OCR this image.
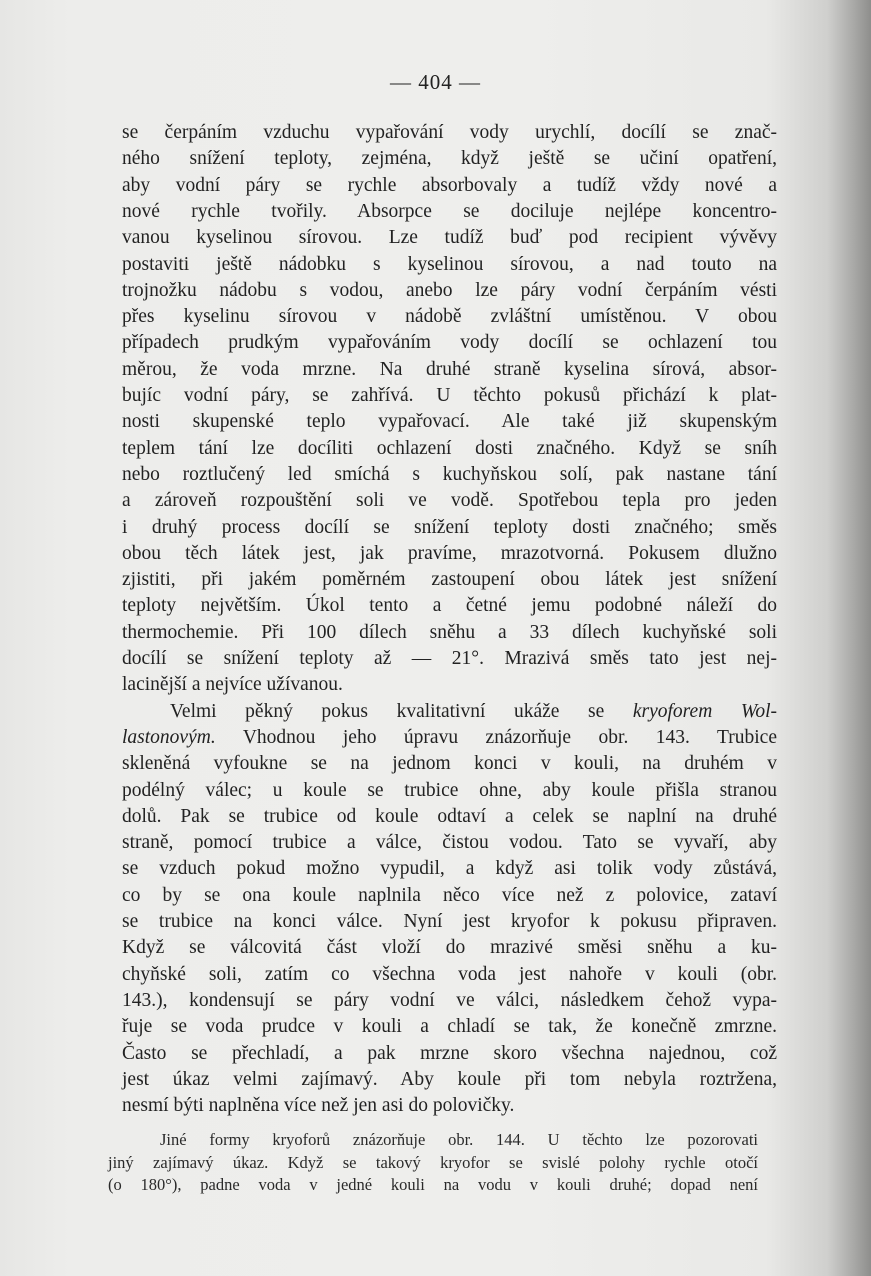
— 404 —
se čerpáním vzduchu vypařování vody urychlí, docílí se znač-
ného snížení teploty, zejména, když ještě se učiní opatření,
aby vodní páry se rychle absorbovaly a tudíž vždy nové a
nové rychle tvořily. Absorpce se dociluje nejlépe koncentro-
vanou kyselinou sírovou. Lze tudíž buď pod recipient vývěvy
postaviti ještě nádobku s kyselinou sírovou, a nad touto na
trojnožku nádobu s vodou, anebo lze páry vodní čerpáním vésti
přes kyselinu sírovou v nádobě zvláštní umístěnou. V obou
případech prudkým vypařováním vody docílí se ochlazení tou
měrou, že voda mrzne. Na druhé straně kyselina sírová, absor-
bujíc vodní páry, se zahřívá. U těchto pokusů přichází k plat-
nosti skupenské teplo vypařovací. Ale také již skupenským
teplem tání lze docíliti ochlazení dosti značného. Když se sníh
nebo roztlučený led smíchá s kuchyňskou solí, pak nastane tání
a zároveň rozpouštění soli ve vodě. Spotřebou tepla pro jeden
i druhý process docílí se snížení teploty dosti značného; směs
obou těch látek jest, jak pravíme, mrazotvorná. Pokusem dlužno
zjistiti, při jakém poměrném zastoupení obou látek jest snížení
teploty největším. Úkol tento a četné jemu podobné náleží do
thermochemie. Při 100 dílech sněhu a 33 dílech kuchyňské soli
docílí se snížení teploty až — 21°. Mrazivá směs tato jest nej-
lacinější a nejvíce užívanou.
Velmi pěkný pokus kvalitativní ukáže se kryoforem Wol-
lastonovým. Vhodnou jeho úpravu znázorňuje obr. 143. Trubice
skleněná vyfoukne se na jednom konci v kouli, na druhém v
podélný válec; u koule se trubice ohne, aby koule přišla stranou
dolů. Pak se trubice od koule odtaví a celek se naplní na druhé
straně, pomocí trubice a válce, čistou vodou. Tato se vyvaří, aby
se vzduch pokud možno vypudil, a když asi tolik vody zůstává,
co by se ona koule naplnila něco více než z polovice, zataví
se trubice na konci válce. Nyní jest kryofor k pokusu připraven.
Když se válcovitá část vloží do mrazivé směsi sněhu a ku-
chyňské soli, zatím co všechna voda jest nahoře v kouli (obr.
143.), kondensují se páry vodní ve válci, následkem čehož vypa-
řuje se voda prudce v kouli a chladí se tak, že konečně zmrzne.
Často se přechladí, a pak mrzne skoro všechna najednou, což
jest úkaz velmi zajímavý. Aby koule při tom nebyla roztržena,
nesmí býti naplněna více než jen asi do polovičky.
Jiné formy kryoforů znázorňuje obr. 144. U těchto lze pozorovati
jiný zajímavý úkaz. Když se takový kryofor se svislé polohy rychle otočí
(o 180°), padne voda v jedné kouli na vodu v kouli druhé; dopad není
